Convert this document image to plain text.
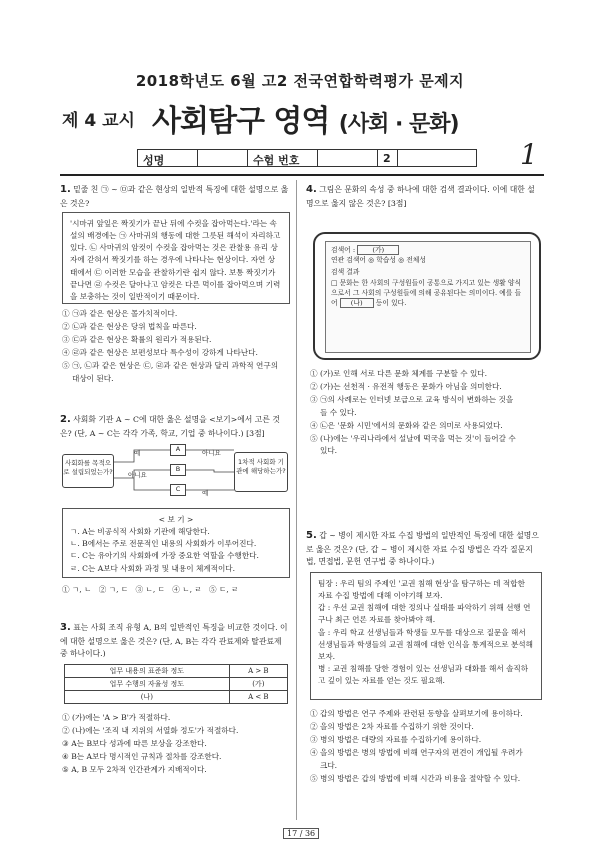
2018학년도 6월 고2 전국연합학력평가 문제지
제 4 교시 사회탐구 영역 (사회 · 문화)
성명	수험 번호	2	1
1. 밑줄 친 ㉠ ~ ㉤과 같은 현상의 일반적 특징에 대한 설명으로 옳은 것은?
'시마귀 앞잎은 짝짓기가 끝난 뒤에 수컷을 잡아먹는다.'라는 속설의 배경에는 ㉠ 사마귀의 행동에 대한 그릇된 해석이 자리하고 있다. ㉡ 사마귀의 암컷이 수컷을 잡아먹는 것은 관찰용 유리 상자에 갇혀서 짝짓기를 하는 경우에 나타나는 현상이다. 자연 상태에서 ㉢ 이러한 모습을 관찰하기란 쉽지 않다. 보통 짝짓기가 끝나면 ㉣ 수컷은 달아나고 암컷은 다른 먹이를 잡아먹으며 기력을 보충하는 것이 일반적이기 때문이다.
① ㉠과 같은 현상은 몰가치적이다.
② ㉡과 같은 현상은 당위 법칙을 따른다.
③ ㉢과 같은 현상은 확률의 원리가 적용된다.
④ ㉣과 같은 현상은 보편성보다 특수성이 강하게 나타난다.
⑤ ㉠, ㉡과 같은 현상은 ㉢, ㉣과 같은 현상과 달리 과학적 연구의
대상이 된다.
2. 사회화 기관 A ~ C에 대한 옳은 설명을 <보기>에서 고른 것은? (단, A ~ C는 각각 가족, 학교, 기업 중 하나이다.) [3점]
사회화를 목적으로 설립되었는가?
A
B
C
1차적 사회화 기관에 해당하는가?
예
아니요
아니요
예
< 보 기 >
ㄱ. A는 비공식적 사회화 기관에 해당한다.
ㄴ. B에서는 주로 전문적인 내용의 사회화가 이루어진다.
ㄷ. C는 유아기의 사회화에 가장 중요한 역할을 수행한다.
ㄹ. C는 A보다 사회화 과정 및 내용이 체계적이다.
① ㄱ, ㄴ   ② ㄱ, ㄷ   ③ ㄴ, ㄷ   ④ ㄴ, ㄹ   ⑤ ㄷ, ㄹ
3. 표는 사회 조직 유형 A, B의 일반적인 특징을 비교한 것이다. 이에 대한 설명으로 옳은 것은? (단, A, B는 각각 관료제와 탈관료제 중 하나이다.)
업무 내용의 표준화 정도	A > B
업무 수행의 자율성 정도	(가)
(나)	A < B
① (가)에는 'A > B'가 적절하다.
② (나)에는 '조직 내 지위의 서열화 정도'가 적절하다.
③ A는 B보다 성과에 따른 보상을 강조한다.
④ B는 A보다 명시적인 규칙과 절차를 강조한다.
⑤ A, B 모두 2차적 인간관계가 지배적이다.
4. 그림은 문화의 속성 중 하나에 대한 검색 결과이다. 이에 대한 설명으로 옳지 않은 것은? [3점]
검색어 :	(가)
연관 검색어 ◎ 학습성 ◎ 전체성
검색 결과
□ 문화는 한 사회의 구성원들이 공통으로 가지고 있는 생활 양식으로서 그 사회의 구성원들에 의해 공유된다는 의미이다. 예를 들어 (나) 등이 있다.
① (가)로 인해 서로 다른 문화 체계를 구분할 수 있다.
② (가)는 선천적 · 유전적 행동은 문화가 아님을 의미한다.
③ ㉠의 사례로는 인터넷 보급으로 교육 방식이 변화하는 것을
들 수 있다.
④ ㉡은 '문화 시민'에서의 문화와 같은 의미로 사용되었다.
⑤ (나)에는 '우리나라에서 설날에 떡국을 먹는 것'이 들어갈 수
있다.
5. 갑 ~ 병이 제시한 자료 수집 방법의 일반적인 특징에 대한 설명으로 옳은 것은? (단, 갑 ~ 병이 제시한 자료 수집 방법은 각각 질문지법, 면접법, 문헌 연구법 중 하나이다.)
팀장 : 우리 팀의 주제인 '교권 침해 현상'을 탐구하는 데 적합한 자료 수집 방법에 대해 이야기해 보자.
갑 : 우선 교권 침해에 대한 정의나 실태를 파악하기 위해 선행 연구나 최근 언론 자료를 찾아봐야 해.
을 : 우리 학교 선생님들과 학생들 모두를 대상으로 질문을 해서 선생님들과 학생들의 교권 침해에 대한 인식을 통계적으로 분석해 보자.
병 : 교권 침해를 당한 경험이 있는 선생님과 대화를 해서 솔직하고 깊이 있는 자료를 얻는 것도 필요해.
① 갑의 방법은 연구 주제와 관련된 동향을 살펴보기에 용이하다.
② 을의 방법은 2차 자료를 수집하기 위한 것이다.
③ 병의 방법은 대량의 자료를 수집하기에 용이하다.
④ 을의 방법은 병의 방법에 비해 연구자의 편견이 개입될 우려가
크다.
⑤ 병의 방법은 갑의 방법에 비해 시간과 비용을 절약할 수 있다.
17 / 36
